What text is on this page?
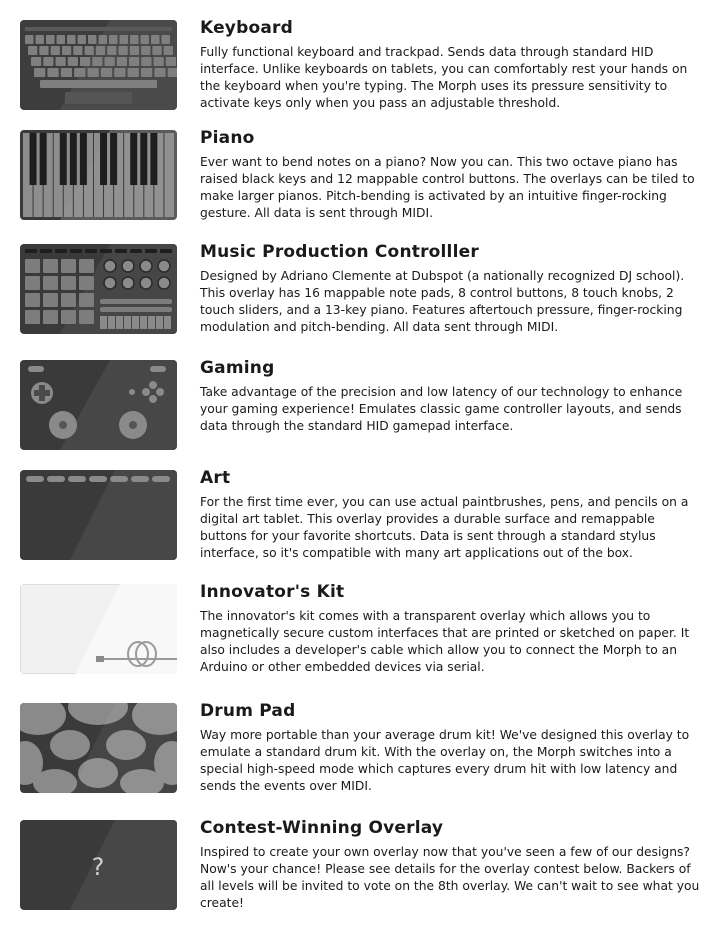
Keyboard

Fully functional keyboard and trackpad. Sends data through standard HID interface. Unlike keyboards on tablets, you can comfortably rest your hands on the keyboard when you're typing. The Morph uses its pressure sensitivity to activate keys only when you pass an adjustable threshold.

Piano

Ever want to bend notes on a piano? Now you can. This two octave piano has raised black keys and 12 mappable control buttons. The overlays can be tiled to make larger pianos. Pitch-bending is activated by an intuitive finger-rocking gesture. All data is sent through MIDI.

Music Production Controlller

Designed by Adriano Clemente at Dubspot (a nationally recognized DJ school). This overlay has 16 mappable note pads, 8 control buttons, 8 touch knobs, 2 touch sliders, and a 13-key piano. Features aftertouch pressure, finger-rocking modulation and pitch-bending. All data sent through MIDI.

Gaming

Take advantage of the precision and low latency of our technology to enhance your gaming experience! Emulates classic game controller layouts, and sends data through the standard HID gamepad interface.

Art

For the first time ever, you can use actual paintbrushes, pens, and pencils on a digital art tablet. This overlay provides a durable surface and remappable buttons for your favorite shortcuts. Data is sent through a standard stylus interface, so it's compatible with many art applications out of the box.

Innovator's Kit

The innovator's kit comes with a transparent overlay which allows you to magnetically secure custom interfaces that are printed or sketched on paper. It also includes a developer's cable which allow you to connect the Morph to an Arduino or other embedded devices via serial.

Drum Pad

Way more portable than your average drum kit! We've designed this overlay to emulate a standard drum kit. With the overlay on, the Morph switches into a special high-speed mode which captures every drum hit with low latency and sends the events over MIDI.

?
Contest-Winning Overlay

Inspired to create your own overlay now that you've seen a few of our designs? Now's your chance! Please see details for the overlay contest below. Backers of all levels will be invited to vote on the 8th overlay. We can't wait to see what you create!
